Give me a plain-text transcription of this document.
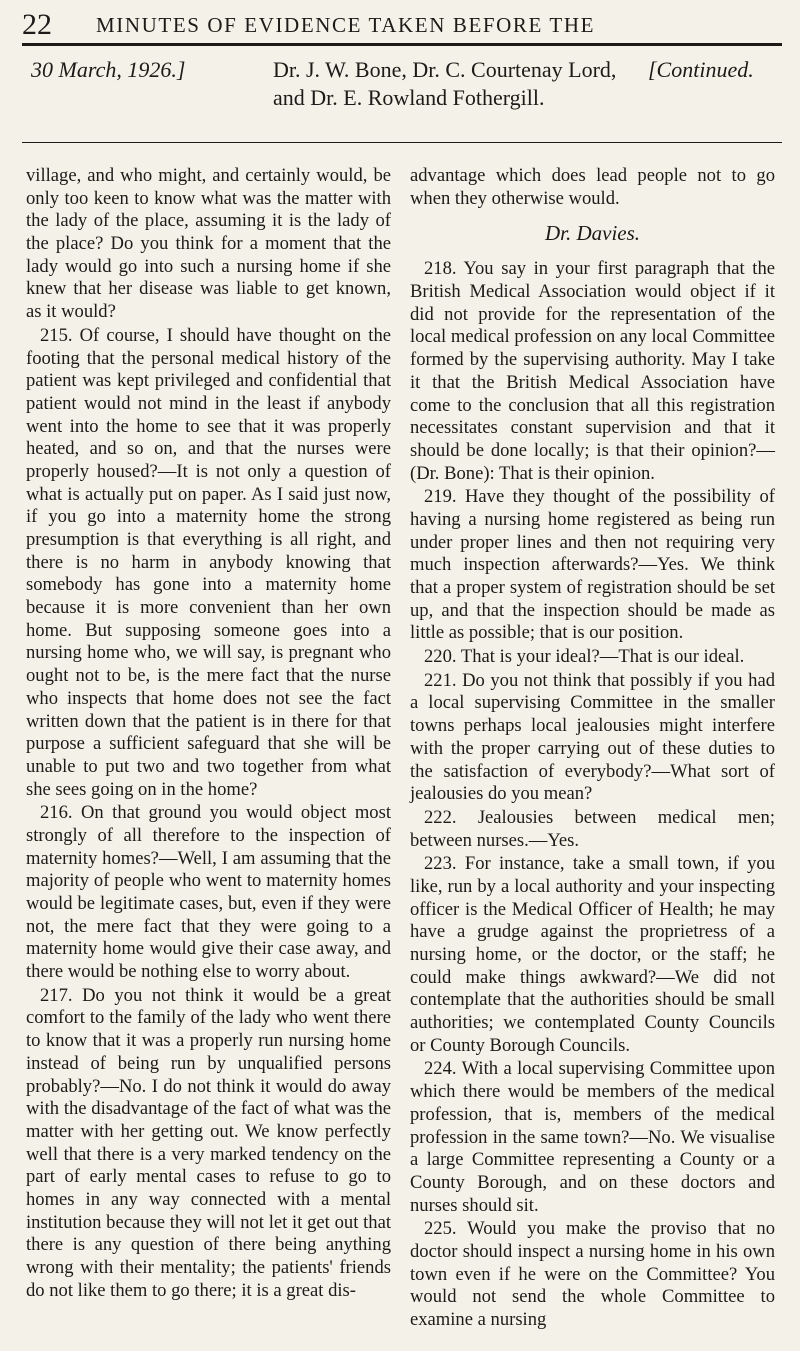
22 MINUTES OF EVIDENCE TAKEN BEFORE THE
30 March, 1926.]	Dr. J. W. Bone, Dr. C. Courtenay Lord, and Dr. E. Rowland Fothergill.
[Continued.

village, and who might, and certainly would, be only too keen to know what was the matter with the lady of the place, assuming it is the lady of the place? Do you think for a moment that the lady would go into such a nursing home if she knew that her disease was liable to get known, as it would?

215. Of course, I should have thought on the footing that the personal medical history of the patient was kept privileged and confidential that patient would not mind in the least if anybody went into the home to see that it was properly heated, and so on, and that the nurses were properly housed?—It is not only a question of what is actually put on paper. As I said just now, if you go into a maternity home the strong presumption is that everything is all right, and there is no harm in anybody knowing that somebody has gone into a maternity home because it is more convenient than her own home. But supposing someone goes into a nursing home who, we will say, is pregnant who ought not to be, is the mere fact that the nurse who inspects that home does not see the fact written down that the patient is in there for that purpose a sufficient safeguard that she will be unable to put two and two together from what she sees going on in the home?

216. On that ground you would object most strongly of all therefore to the inspection of maternity homes?—Well, I am assuming that the majority of people who went to maternity homes would be legitimate cases, but, even if they were not, the mere fact that they were going to a maternity home would give their case away, and there would be nothing else to worry about.

217. Do you not think it would be a great comfort to the family of the lady who went there to know that it was a properly run nursing home instead of being run by unqualified persons probably?—No. I do not think it would do away with the disadvantage of the fact of what was the matter with her getting out. We know perfectly well that there is a very marked tendency on the part of early mental cases to refuse to go to homes in any way connected with a mental institution because they will not let it get out that there is any question of there being anything wrong with their mentality; the patients' friends do not like them to go there; it is a great dis-

advantage which does lead people not to go when they otherwise would.

Dr. Davies.

218. You say in your first paragraph that the British Medical Association would object if it did not provide for the representation of the local medical profession on any local Committee formed by the supervising authority. May I take it that the British Medical Association have come to the conclusion that all this registration necessitates constant supervision and that it should be done locally; is that their opinion?—(Dr. Bone): That is their opinion.

219. Have they thought of the possibility of having a nursing home registered as being run under proper lines and then not requiring very much inspection afterwards?—Yes. We think that a proper system of registration should be set up, and that the inspection should be made as little as possible; that is our position.

220. That is your ideal?—That is our ideal.

221. Do you not think that possibly if you had a local supervising Committee in the smaller towns perhaps local jealousies might interfere with the proper carrying out of these duties to the satisfaction of everybody?—What sort of jealousies do you mean?

222. Jealousies between medical men; between nurses.—Yes.

223. For instance, take a small town, if you like, run by a local authority and your inspecting officer is the Medical Officer of Health; he may have a grudge against the proprietress of a nursing home, or the doctor, or the staff; he could make things awkward?—We did not contemplate that the authorities should be small authorities; we contemplated County Councils or County Borough Councils.

224. With a local supervising Committee upon which there would be members of the medical profession, that is, members of the medical profession in the same town?—No. We visualise a large Committee representing a County or a County Borough, and on these doctors and nurses should sit.

225. Would you make the proviso that no doctor should inspect a nursing home in his own town even if he were on the Committee? You would not send the whole Committee to examine a nursing
